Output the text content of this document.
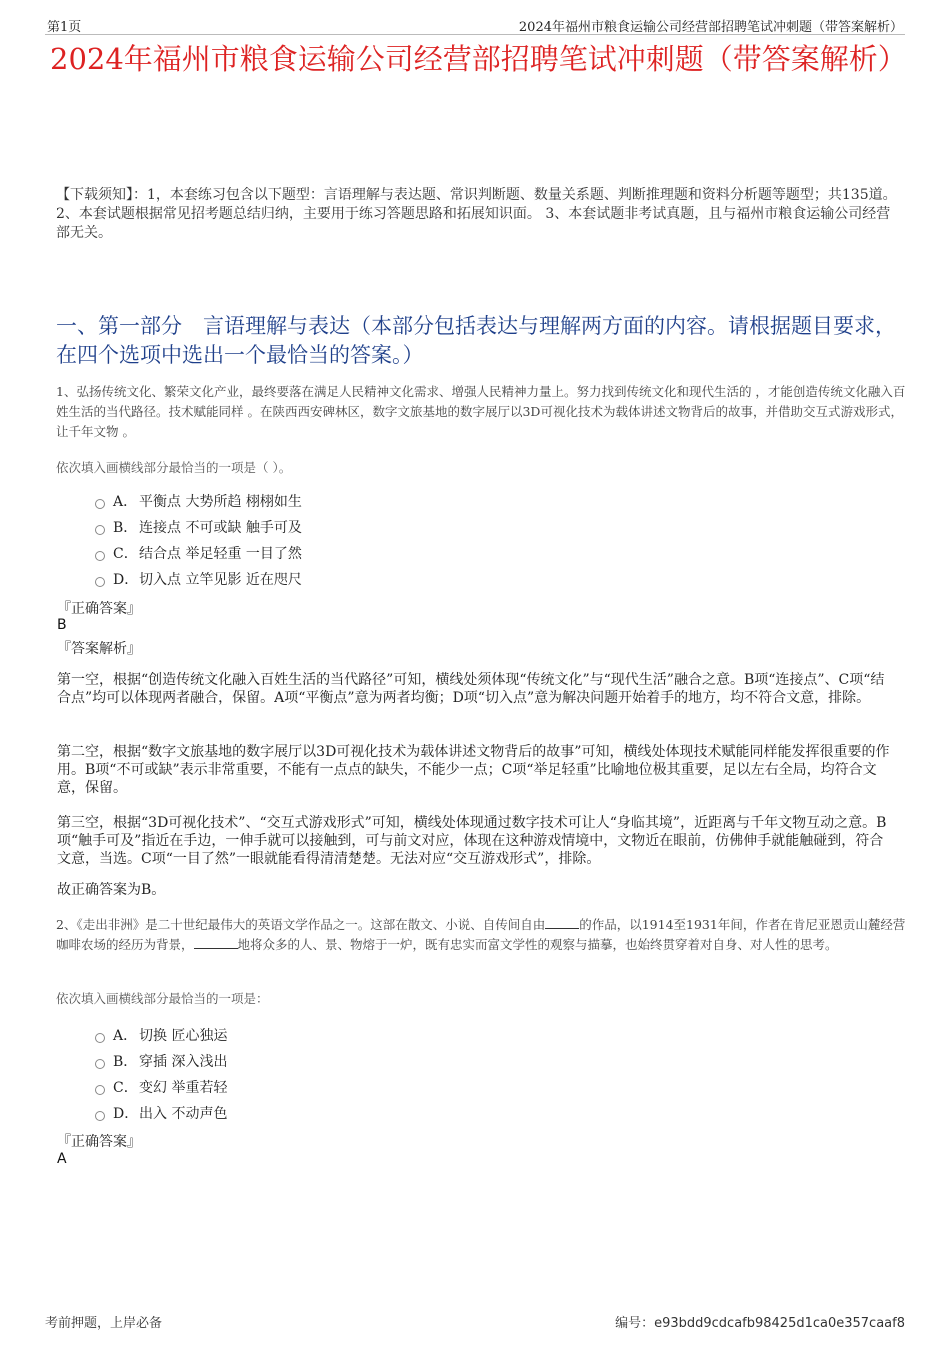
第1页	2024年福州市粮食运输公司经营部招聘笔试冲刺题（带答案解析）
2024年福州市粮食运输公司经营部招聘笔试冲刺题（带答案解析）
【下载须知】：1，本套练习包含以下题型：言语理解与表达题、常识判断题、数量关系题、判断推理题和资料分析题等题型；共135道。 2、本套试题根据常见招考题总结归纳，主要用于练习答题思路和拓展知识面。 3、本套试题非考试真题，且与福州市粮食运输公司经营部无关。
一、第一部分　言语理解与表达（本部分包括表达与理解两方面的内容。请根据题目要求，在四个选项中选出一个最恰当的答案。）
1、弘扬传统文化、繁荣文化产业，最终要落在满足人民精神文化需求、增强人民精神力量上。努力找到传统文化和现代生活的 ，才能创造传统文化融入百姓生活的当代路径。技术赋能同样 。在陕西西安碑林区，数字文旅基地的数字展厅以3D可视化技术为载体讲述文物背后的故事，并借助交互式游戏形式，让千年文物 。
依次填入画横线部分最恰当的一项是（ ）。
A． 平衡点 大势所趋 栩栩如生
B． 连接点 不可或缺 触手可及
C． 结合点 举足轻重 一目了然
D． 切入点 立竿见影 近在咫尺
『正确答案』
B
『答案解析』
第一空，根据“创造传统文化融入百姓生活的当代路径”可知，横线处须体现“传统文化”与“现代生活”融合之意。B项“连接点”、C项“结合点”均可以体现两者融合，保留。A项“平衡点”意为两者均衡；D项“切入点”意为解决问题开始着手的地方，均不符合文意，排除。
第二空，根据“数字文旅基地的数字展厅以3D可视化技术为载体讲述文物背后的故事”可知，横线处体现技术赋能同样能发挥很重要的作用。B项“不可或缺”表示非常重要，不能有一点点的缺失，不能少一点；C项“举足轻重”比喻地位极其重要，足以左右全局，均符合文意，保留。
第三空，根据“3D可视化技术”、“交互式游戏形式”可知，横线处体现通过数字技术可让人“身临其境”，近距离与千年文物互动之意。B项“触手可及”指近在手边，一伸手就可以接触到，可与前文对应，体现在这种游戏情境中，文物近在眼前，仿佛伸手就能触碰到，符合文意，当选。C项“一目了然”一眼就能看得清清楚楚。无法对应“交互游戏形式”，排除。
故正确答案为B。
2、《走出非洲》是二十世纪最伟大的英语文学作品之一。这部在散文、小说、自传间自由	的作品，以1914至1931年间，作者在肯尼亚恩贡山麓经营咖啡农场的经历为背景，	地将众多的人、景、物熔于一炉，既有忠实而富文学性的观察与描摹，也始终贯穿着对自身、对人性的思考。
依次填入画横线部分最恰当的一项是：
A． 切换 匠心独运
B． 穿插 深入浅出
C． 变幻 举重若轻
D． 出入 不动声色
『正确答案』
A
考前押题，上岸必备	编号：e93bdd9cdcafb98425d1ca0e357caaf8
